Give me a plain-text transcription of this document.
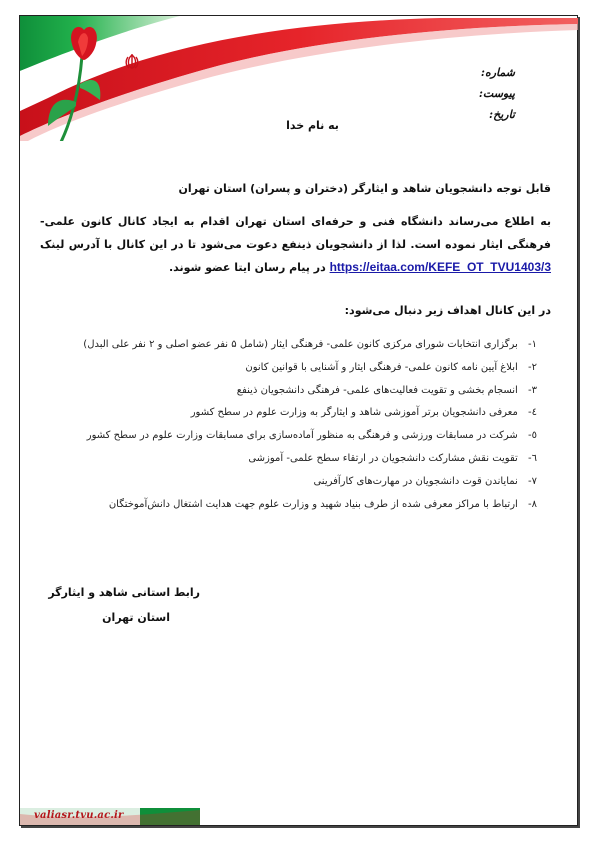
شماره:
پیوست:
تاریخ:
به نام خدا
قابل توجه دانشجویان شاهد و ایثارگر (دختران و پسران) استان تهران
به اطلاع می‌رساند دانشگاه فنی و حرفه‌ای استان تهران اقدام به ایجاد کانال کانون علمی- فرهنگی ایثار نموده است. لذا از دانشجویان ذینفع دعوت می‌شود تا در این کانال با آدرس لینک https://eitaa.com/KEFE_OT_TVU1403/3 در پیام رسان ایتا عضو شوند.
در این کانال اهداف زیر دنبال می‌شود:
۱- برگزاری انتخابات شورای مرکزی کانون علمی- فرهنگی ایثار (شامل ۵ نفر عضو اصلی و ۲ نفر علی البدل)
۲- ابلاغ آیین نامه کانون علمی- فرهنگی ایثار و آشنایی با قوانین کانون
۳- انسجام بخشی و تقویت فعالیت‌های علمی- فرهنگی دانشجویان ذینفع
٤- معرفی دانشجویان برتر آموزشی شاهد و ایثارگر به وزارت علوم در سطح کشور
٥- شرکت در مسابقات ورزشی و فرهنگی به منظور آماده‌سازی برای مسابقات وزارت علوم در سطح کشور
٦- تقویت نقش مشارکت دانشجویان در ارتقاء سطح علمی- آموزشی
۷- نمایاندن قوت دانشجویان در مهارت‌های کارآفرینی
۸- ارتباط با مراکز معرفی شده از طرف بنیاد شهید و وزارت علوم جهت هدایت اشتغال دانش‌آموختگان
رابط استانی شاهد و ایثارگر
استان تهران
valiasr.tvu.ac.ir
